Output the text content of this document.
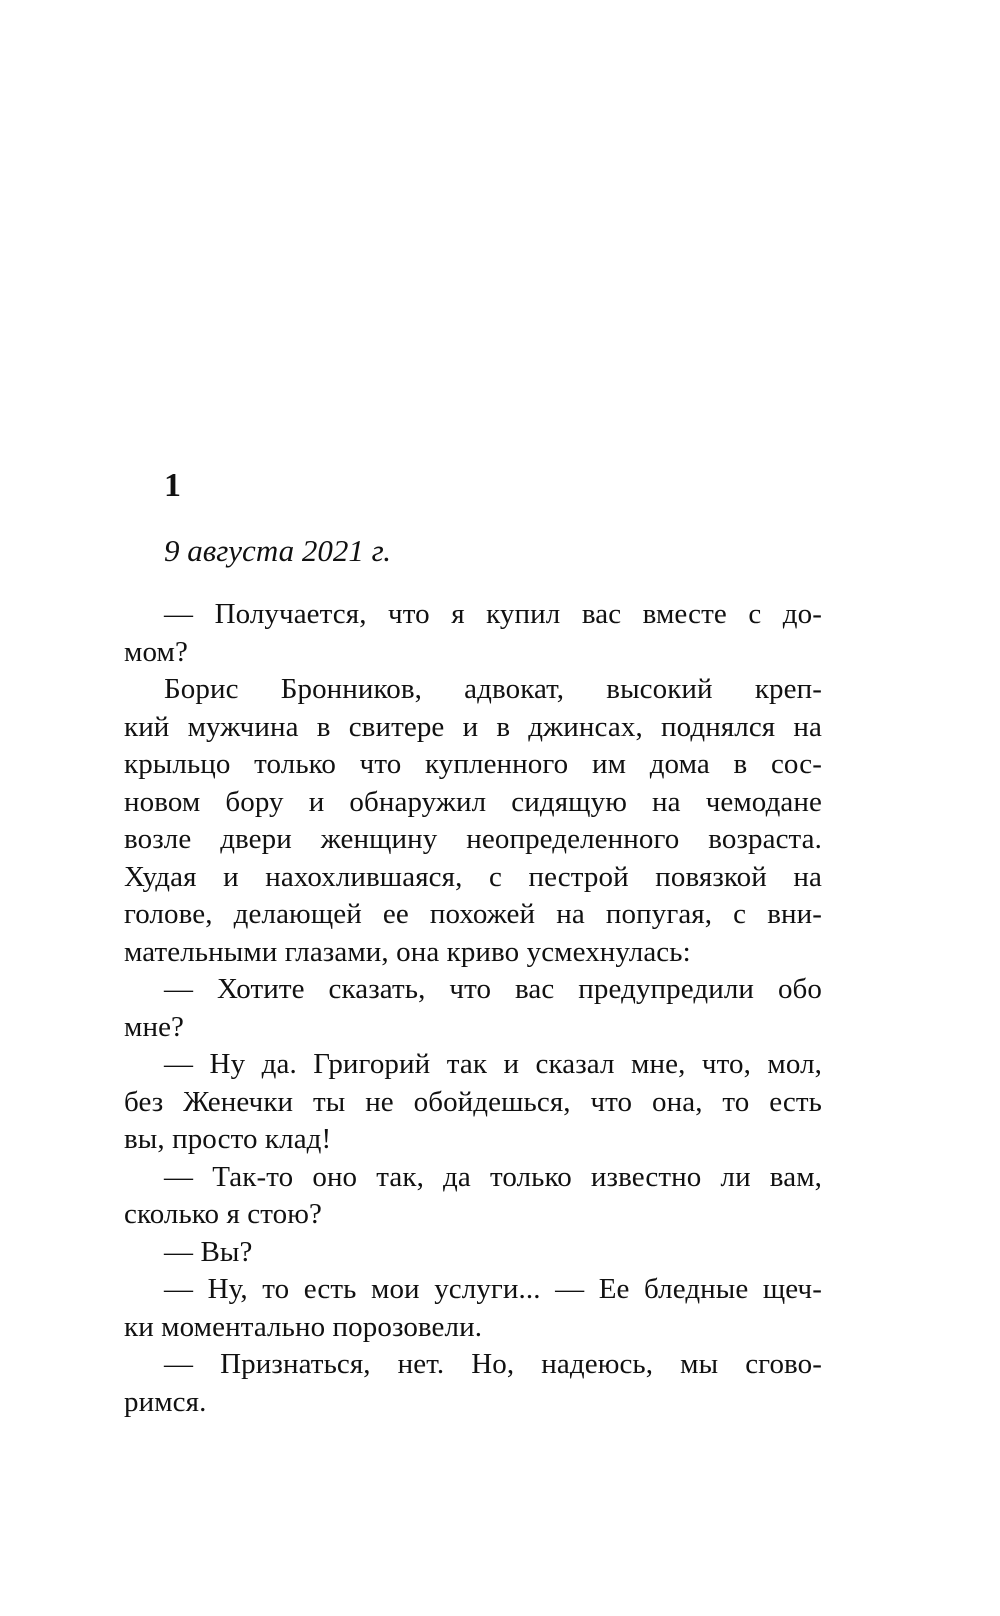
1
9 августа 2021 г.
— Получается, что я купил вас вместе с до-
мом?
Борис Бронников, адвокат, высокий креп-
кий мужчина в свитере и в джинсах, поднялся на
крыльцо только что купленного им дома в сос-
новом бору и обнаружил сидящую на чемодане
возле двери женщину неопределенного возраста.
Худая и нахохлившаяся, с пестрой повязкой на
голове, делающей ее похожей на попугая, с вни-
мательными глазами, она криво усмехнулась:
— Хотите сказать, что вас предупредили обо
мне?
— Ну да. Григорий так и сказал мне, что, мол,
без Женечки ты не обойдешься, что она, то есть
вы, просто клад!
— Так-то оно так, да только известно ли вам,
сколько я стою?
— Вы?
— Ну, то есть мои услуги... — Ее бледные щеч-
ки моментально порозовели.
— Признаться, нет. Но, надеюсь, мы сгово-
римся.
